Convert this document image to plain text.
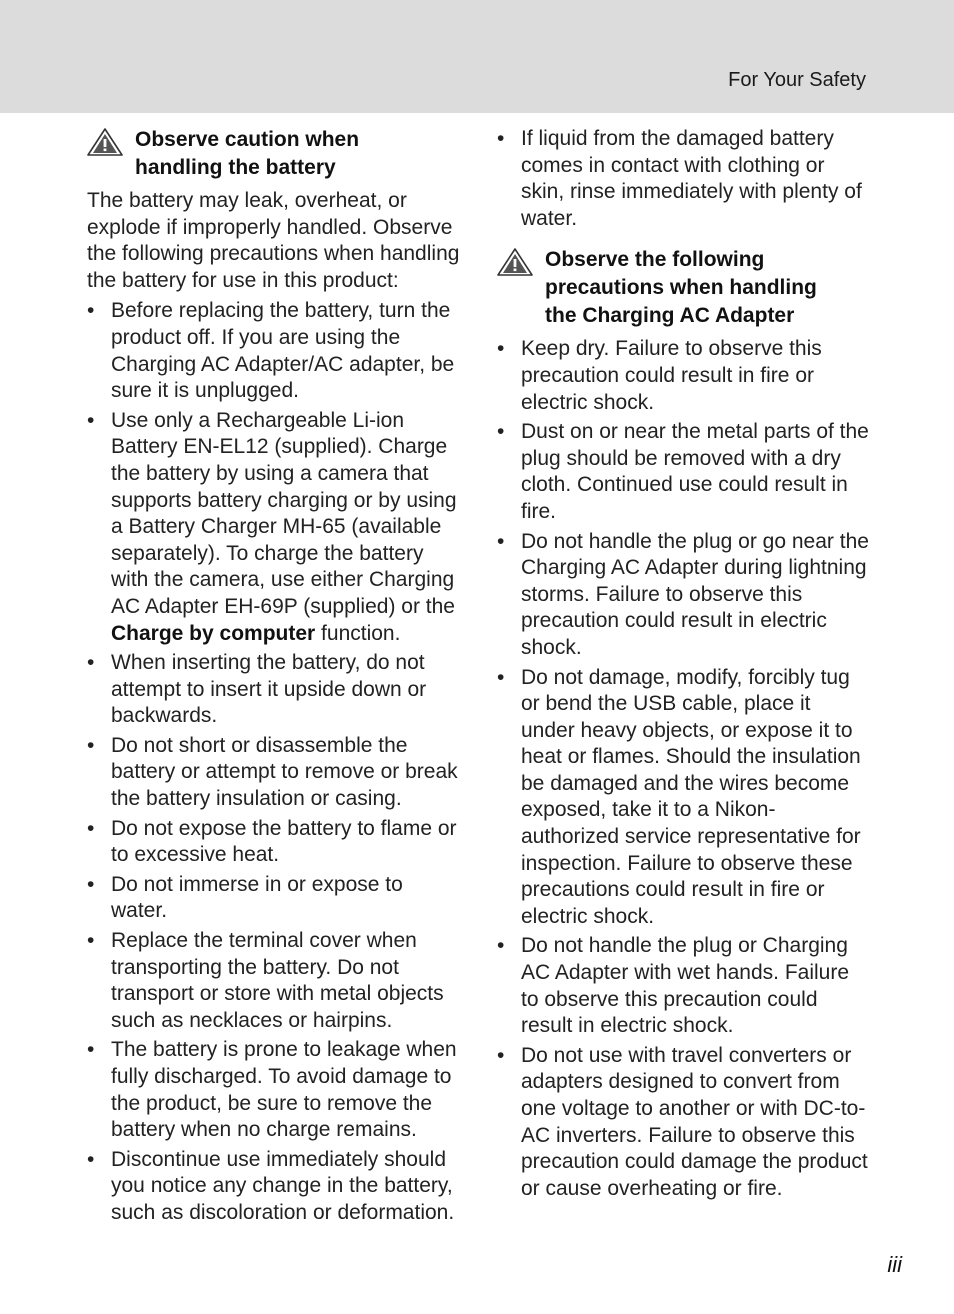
For Your Safety
Observe caution when
handling the battery

The battery may leak, overheat, or explode if improperly handled. Observe the following precautions when handling the battery for use in this product:

• Before replacing the battery, turn the product off. If you are using the Charging AC Adapter/AC adapter, be sure it is unplugged.
• Use only a Rechargeable Li-ion Battery EN-EL12 (supplied). Charge the battery by using a camera that supports battery charging or by using a Battery Charger MH-65 (available separately). To charge the battery with the camera, use either Charging AC Adapter EH-69P (supplied) or the Charge by computer function.
• When inserting the battery, do not attempt to insert it upside down or backwards.
• Do not short or disassemble the battery or attempt to remove or break the battery insulation or casing.
• Do not expose the battery to flame or to excessive heat.
• Do not immerse in or expose to water.
• Replace the terminal cover when transporting the battery. Do not transport or store with metal objects such as necklaces or hairpins.
• The battery is prone to leakage when fully discharged. To avoid damage to the product, be sure to remove the battery when no charge remains.
• Discontinue use immediately should you notice any change in the battery, such as discoloration or deformation.
• If liquid from the damaged battery comes in contact with clothing or skin, rinse immediately with plenty of water.
Observe the following
precautions when handling
the Charging AC Adapter
• Keep dry. Failure to observe this precaution could result in fire or electric shock.
• Dust on or near the metal parts of the plug should be removed with a dry cloth. Continued use could result in fire.
• Do not handle the plug or go near the Charging AC Adapter during lightning storms. Failure to observe this precaution could result in electric shock.
• Do not damage, modify, forcibly tug or bend the USB cable, place it under heavy objects, or expose it to heat or flames. Should the insulation be damaged and the wires become exposed, take it to a Nikon-authorized service representative for inspection. Failure to observe these precautions could result in fire or electric shock.
• Do not handle the plug or Charging AC Adapter with wet hands. Failure to observe this precaution could result in electric shock.
• Do not use with travel converters or adapters designed to convert from one voltage to another or with DC-to-AC inverters. Failure to observe this precaution could damage the product or cause overheating or fire.
iii
